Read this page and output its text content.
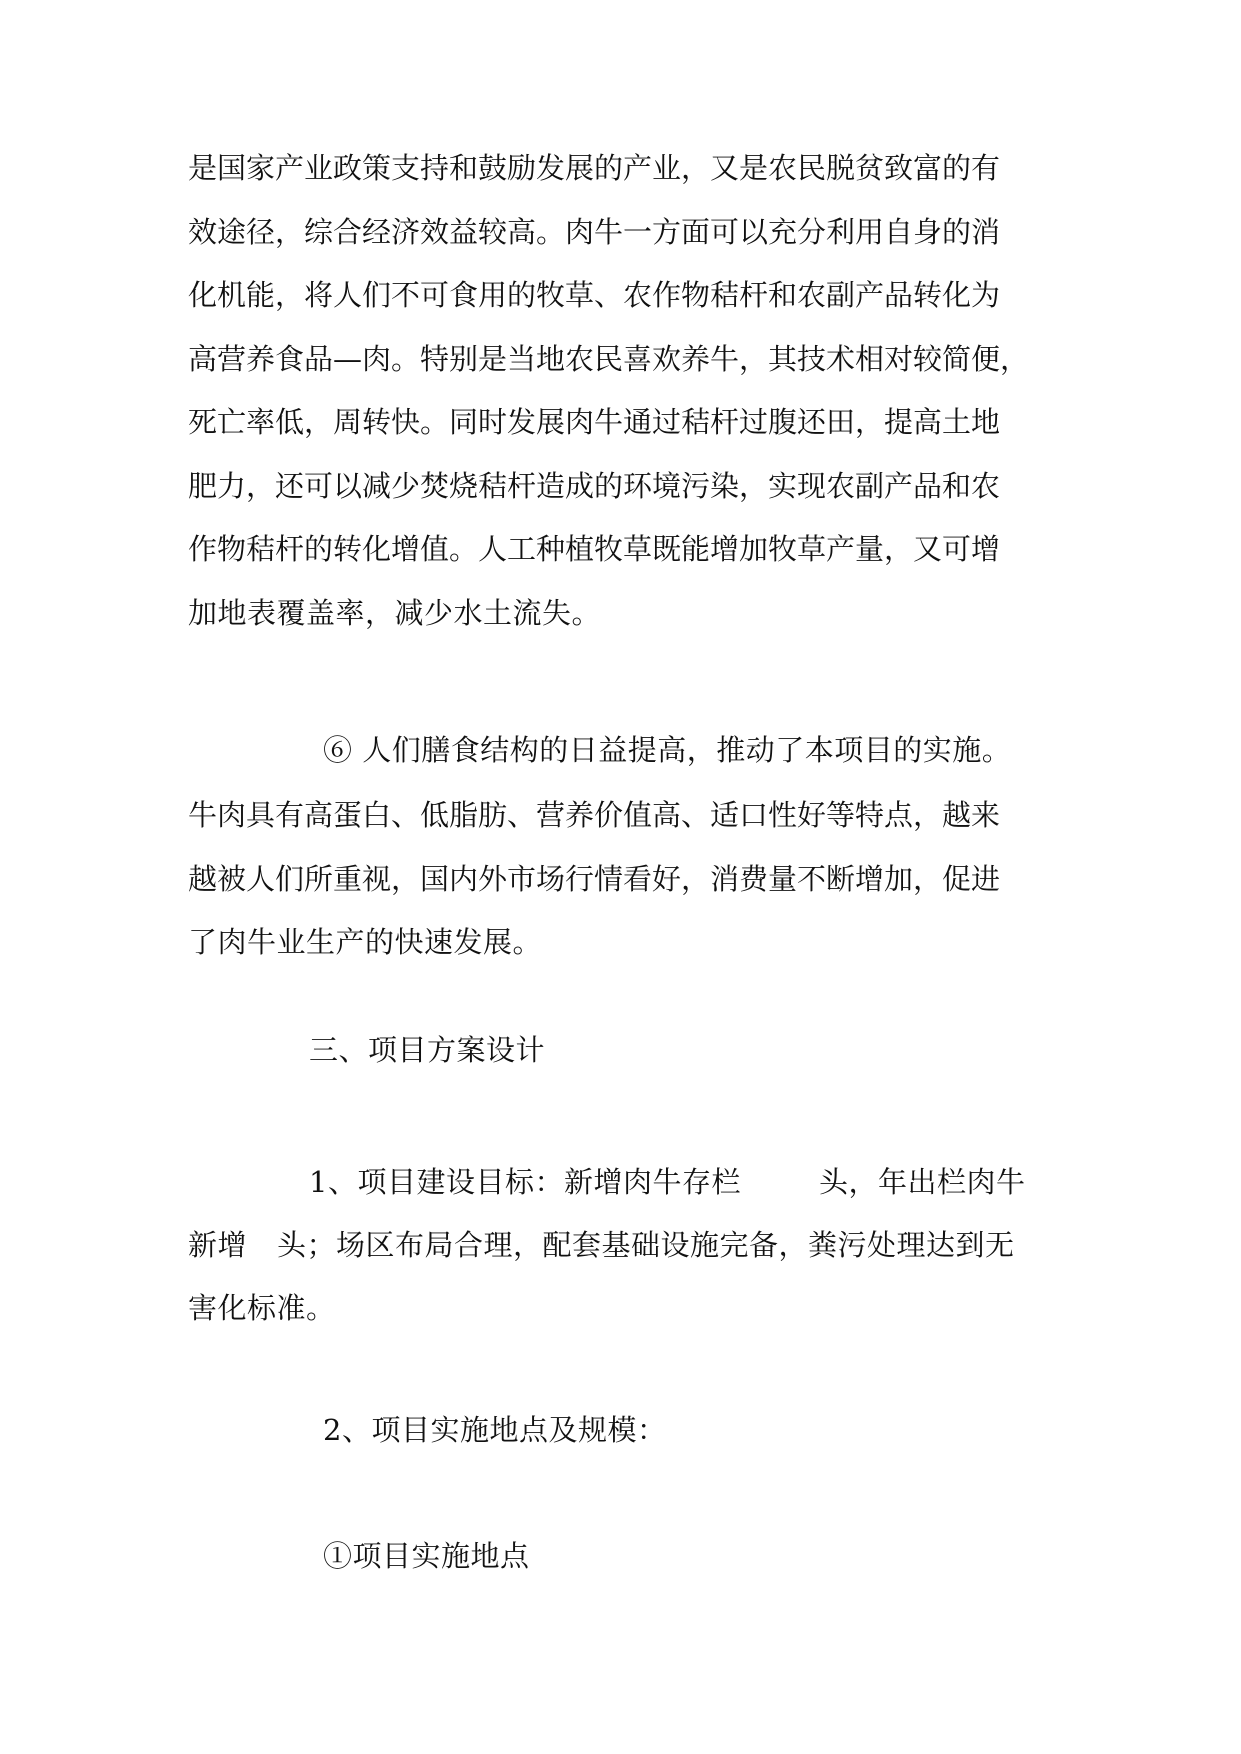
是国家产业政策支持和鼓励发展的产业，又是农民脱贫致富的有
效途径，综合经济效益较高。肉牛一方面可以充分利用自身的消
化机能，将人们不可食用的牧草、农作物秸杆和农副产品转化为
高营养食品—肉。特别是当地农民喜欢养牛，其技术相对较简便，
死亡率低，周转快。同时发展肉牛通过秸杆过腹还田，提高土地
肥力，还可以减少焚烧秸杆造成的环境污染，实现农副产品和农
作物秸杆的转化增值。人工种植牧草既能增加牧草产量，又可增
加地表覆盖率，减少水土流失。
⑥ 人们膳食结构的日益提高，推动了本项目的实施。
牛肉具有高蛋白、低脂肪、营养价值高、适口性好等特点，越来
越被人们所重视，国内外市场行情看好，消费量不断增加，促进
了肉牛业生产的快速发展。
三、项目方案设计
1、项目建设目标：新增肉牛存栏	头，年出栏肉牛
新增 头；场区布局合理，配套基础设施完备，粪污处理达到无
害化标准。
2、项目实施地点及规模：
①项目实施地点
